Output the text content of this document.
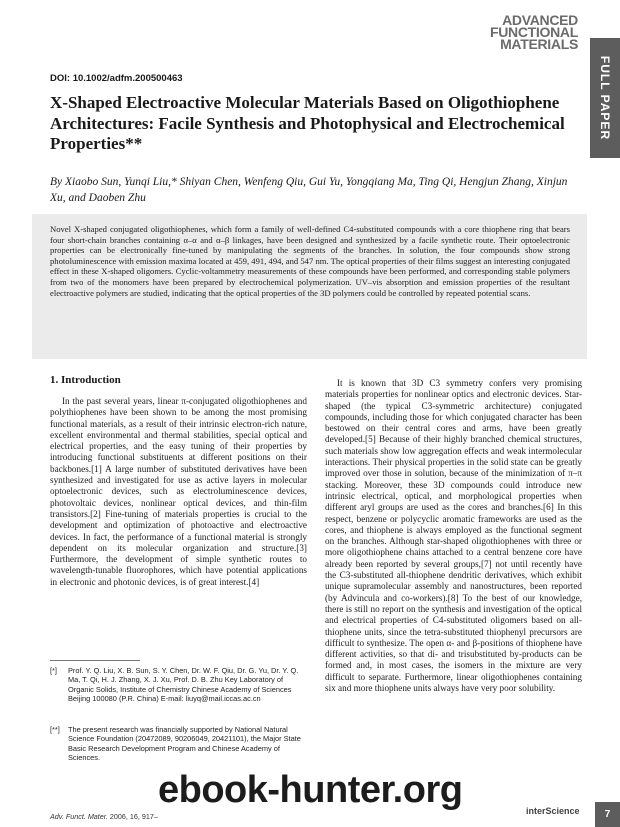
ADVANCED
FUNCTIONAL
MATERIALS
FULL PAPER
DOI: 10.1002/adfm.200500463
X-Shaped Electroactive Molecular Materials Based on Oligothiophene Architectures: Facile Synthesis and Photophysical and Electrochemical Properties**
By Xiaobo Sun, Yunqi Liu,* Shiyan Chen, Wenfeng Qiu, Gui Yu, Yongqiang Ma, Ting Qi, Hengjun Zhang, Xinjun Xu, and Daoben Zhu
Novel X-shaped conjugated oligothiophenes, which form a family of well-defined C4-substituted compounds with a core thiophene ring that bears four short-chain branches containing α–α and α–β linkages, have been designed and synthesized by a facile synthetic route. Their optoelectronic properties can be electronically fine-tuned by manipulating the segments of the branches. In solution, the four compounds show strong photoluminescence with emission maxima located at 459, 491, 494, and 547 nm. The optical properties of their films suggest an interesting conjugated effect in these X-shaped oligomers. Cyclic-voltammetry measurements of these compounds have been performed, and corresponding stable polymers from two of the monomers have been prepared by electrochemical polymerization. UV–vis absorption and emission properties of the resultant electroactive polymers are studied, indicating that the optical properties of the 3D polymers could be controlled by repeated potential scans.
1. Introduction
In the past several years, linear π-conjugated oligothiophenes and polythiophenes have been shown to be among the most promising functional materials, as a result of their intrinsic electron-rich nature, excellent environmental and thermal stabilities, special optical and electrical properties, and the easy tuning of their properties by introducing functional substituents at different positions on their backbones.[1] A large number of substituted derivatives have been synthesized and investigated for use as active layers in molecular optoelectronic devices, such as electroluminescence devices, photovoltaic devices, nonlinear optical devices, and thin-film transistors.[2] Fine-tuning of materials properties is crucial to the development and optimization of photoactive and electroactive devices. In fact, the performance of a functional material is strongly dependent on its molecular organization and structure.[3] Furthermore, the development of simple synthetic routes to wavelength-tunable fluorophores, which have potential applications in electronic and photonic devices, is of great interest.[4]
It is known that 3D C3 symmetry confers very promising materials properties for nonlinear optics and electronic devices. Star-shaped (the typical C3-symmetric architecture) conjugated compounds, including those for which conjugated character has been bestowed on their central cores and arms, have been greatly developed.[5] Because of their highly branched chemical structures, such materials show low aggregation effects and weak intermolecular interactions. Their physical properties in the solid state can be greatly improved over those in solution, because of the minimization of π–π stacking. Moreover, these 3D compounds could introduce new intrinsic electrical, optical, and morphological properties when different aryl groups are used as the cores and branches.[6] In this respect, benzene or polycyclic aromatic frameworks are used as the cores, and thiophene is always employed as the functional segment on the branches. Although star-shaped oligothiophenes with three or more oligothiophene chains attached to a central benzene core have already been reported by several groups,[7] not until recently have the C3-substituted all-thiophene dendritic derivatives, which exhibit unique supramolecular assembly and nanostructures, been reported (by Advincula and co-workers).[8] To the best of our knowledge, there is still no report on the synthesis and investigation of the optical and electrical properties of C4-substituted oligomers based on all-thiophene units, since the tetra-substituted thiophenyl precursors are difficult to synthesize. The open α- and β-positions of thiophene have different activities, so that di- and trisubstituted by-products can be formed and, in most cases, the isomers in the mixture are very difficult to separate. Furthermore, linear oligothiophenes containing six and more thiophene units always have very poor solubility.
[*] Prof. Y. Q. Liu, X. B. Sun, S. Y. Chen, Dr. W. F. Qiu, Dr. G. Yu, Dr. Y. Q. Ma, T. Qi, H. J. Zhang, X. J. Xu, Prof. D. B. Zhu Key Laboratory of Organic Solids, Institute of Chemistry Chinese Academy of Sciences Beijing 100080 (P.R. China) E-mail: liuyq@mail.iccas.ac.cn
[**] The present research was financially supported by National Natural Science Foundation (20472089, 90206049, 20421101), the Major State Basic Research Development Program and Chinese Academy of Sciences.
Adv. Funct. Mater. 2006, 16, 917–
ebook-hunter.org	interScience	7
